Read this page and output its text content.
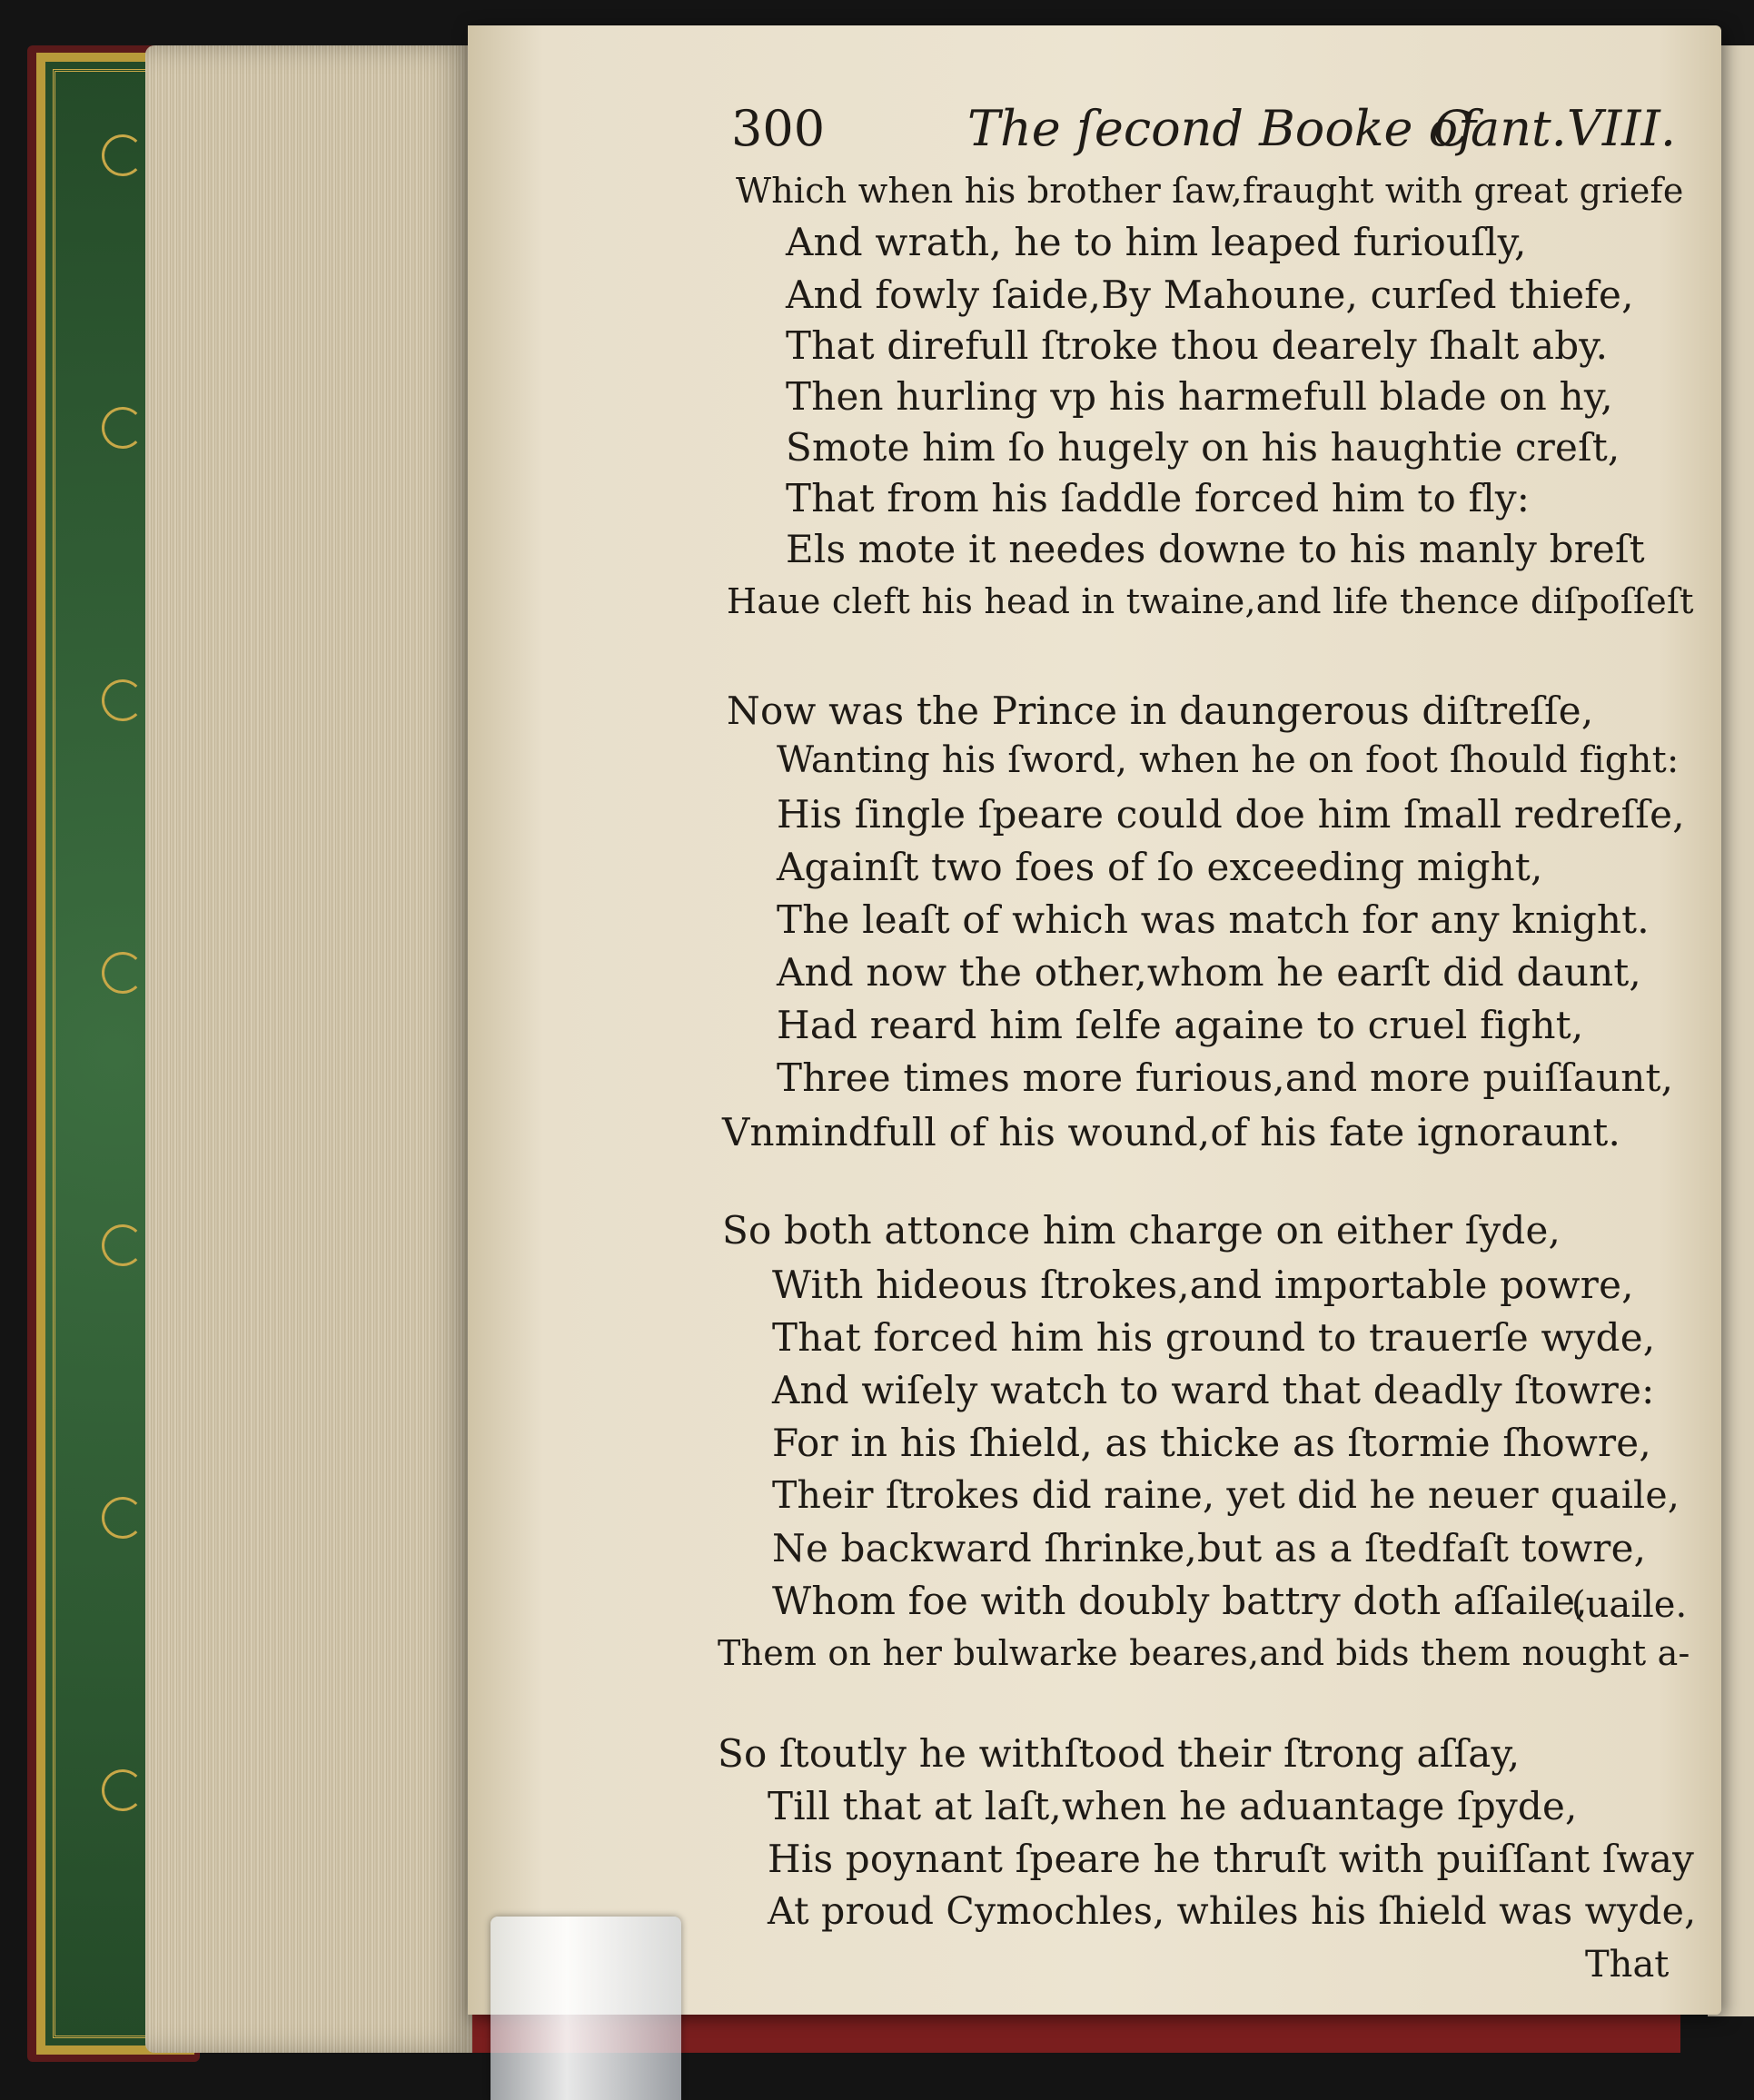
300	The ſecond Booke of
Cant.VIII.
Which when his brother ſaw,fraught with great griefe
And wrath, he to him leaped furiouſly,
And fowly ſaide,By Mahoune, curſed thiefe,
That direfull ſtroke thou dearely ſhalt aby.
Then hurling vp his harmefull blade on hy,
Smote him ſo hugely on his haughtie creſt,
That from his ſaddle forced him to fly:
Els mote it needes downe to his manly breſt
Haue cleft his head in twaine,and life thence diſpoſſeſt
Now was the Prince in daungerous diſtreſſe,
Wanting his ſword, when he on foot ſhould fight:
His ſingle ſpeare could doe him ſmall redreſſe,
Againſt two foes of ſo exceeding might,
The leaſt of which was match for any knight.
And now the other,whom he earſt did daunt,
Had reard him ſelfe againe to cruel fight,
Three times more furious,and more puiſſaunt,
Vnmindfull of his wound,of his fate ignoraunt.
So both attonce him charge on either ſyde,
With hideous ſtrokes,and importable powre,
That forced him his ground to trauerſe wyde,
And wiſely watch to ward that deadly ſtowre:
For in his ſhield, as thicke as ſtormie ſhowre,
Their ſtrokes did raine, yet did he neuer quaile,
Ne backward ſhrinke,but as a ſtedfaſt towre,
Whom foe with doubly battry doth aſſaile,
(uaile.
Them on her bulwarke beares,and bids them nought a-
So ſtoutly he withſtood their ſtrong aſſay,
Till that at laſt,when he aduantage ſpyde,
His poynant ſpeare he thruſt with puiſſant ſway
At proud Cymochles, whiles his ſhield was wyde,
That
